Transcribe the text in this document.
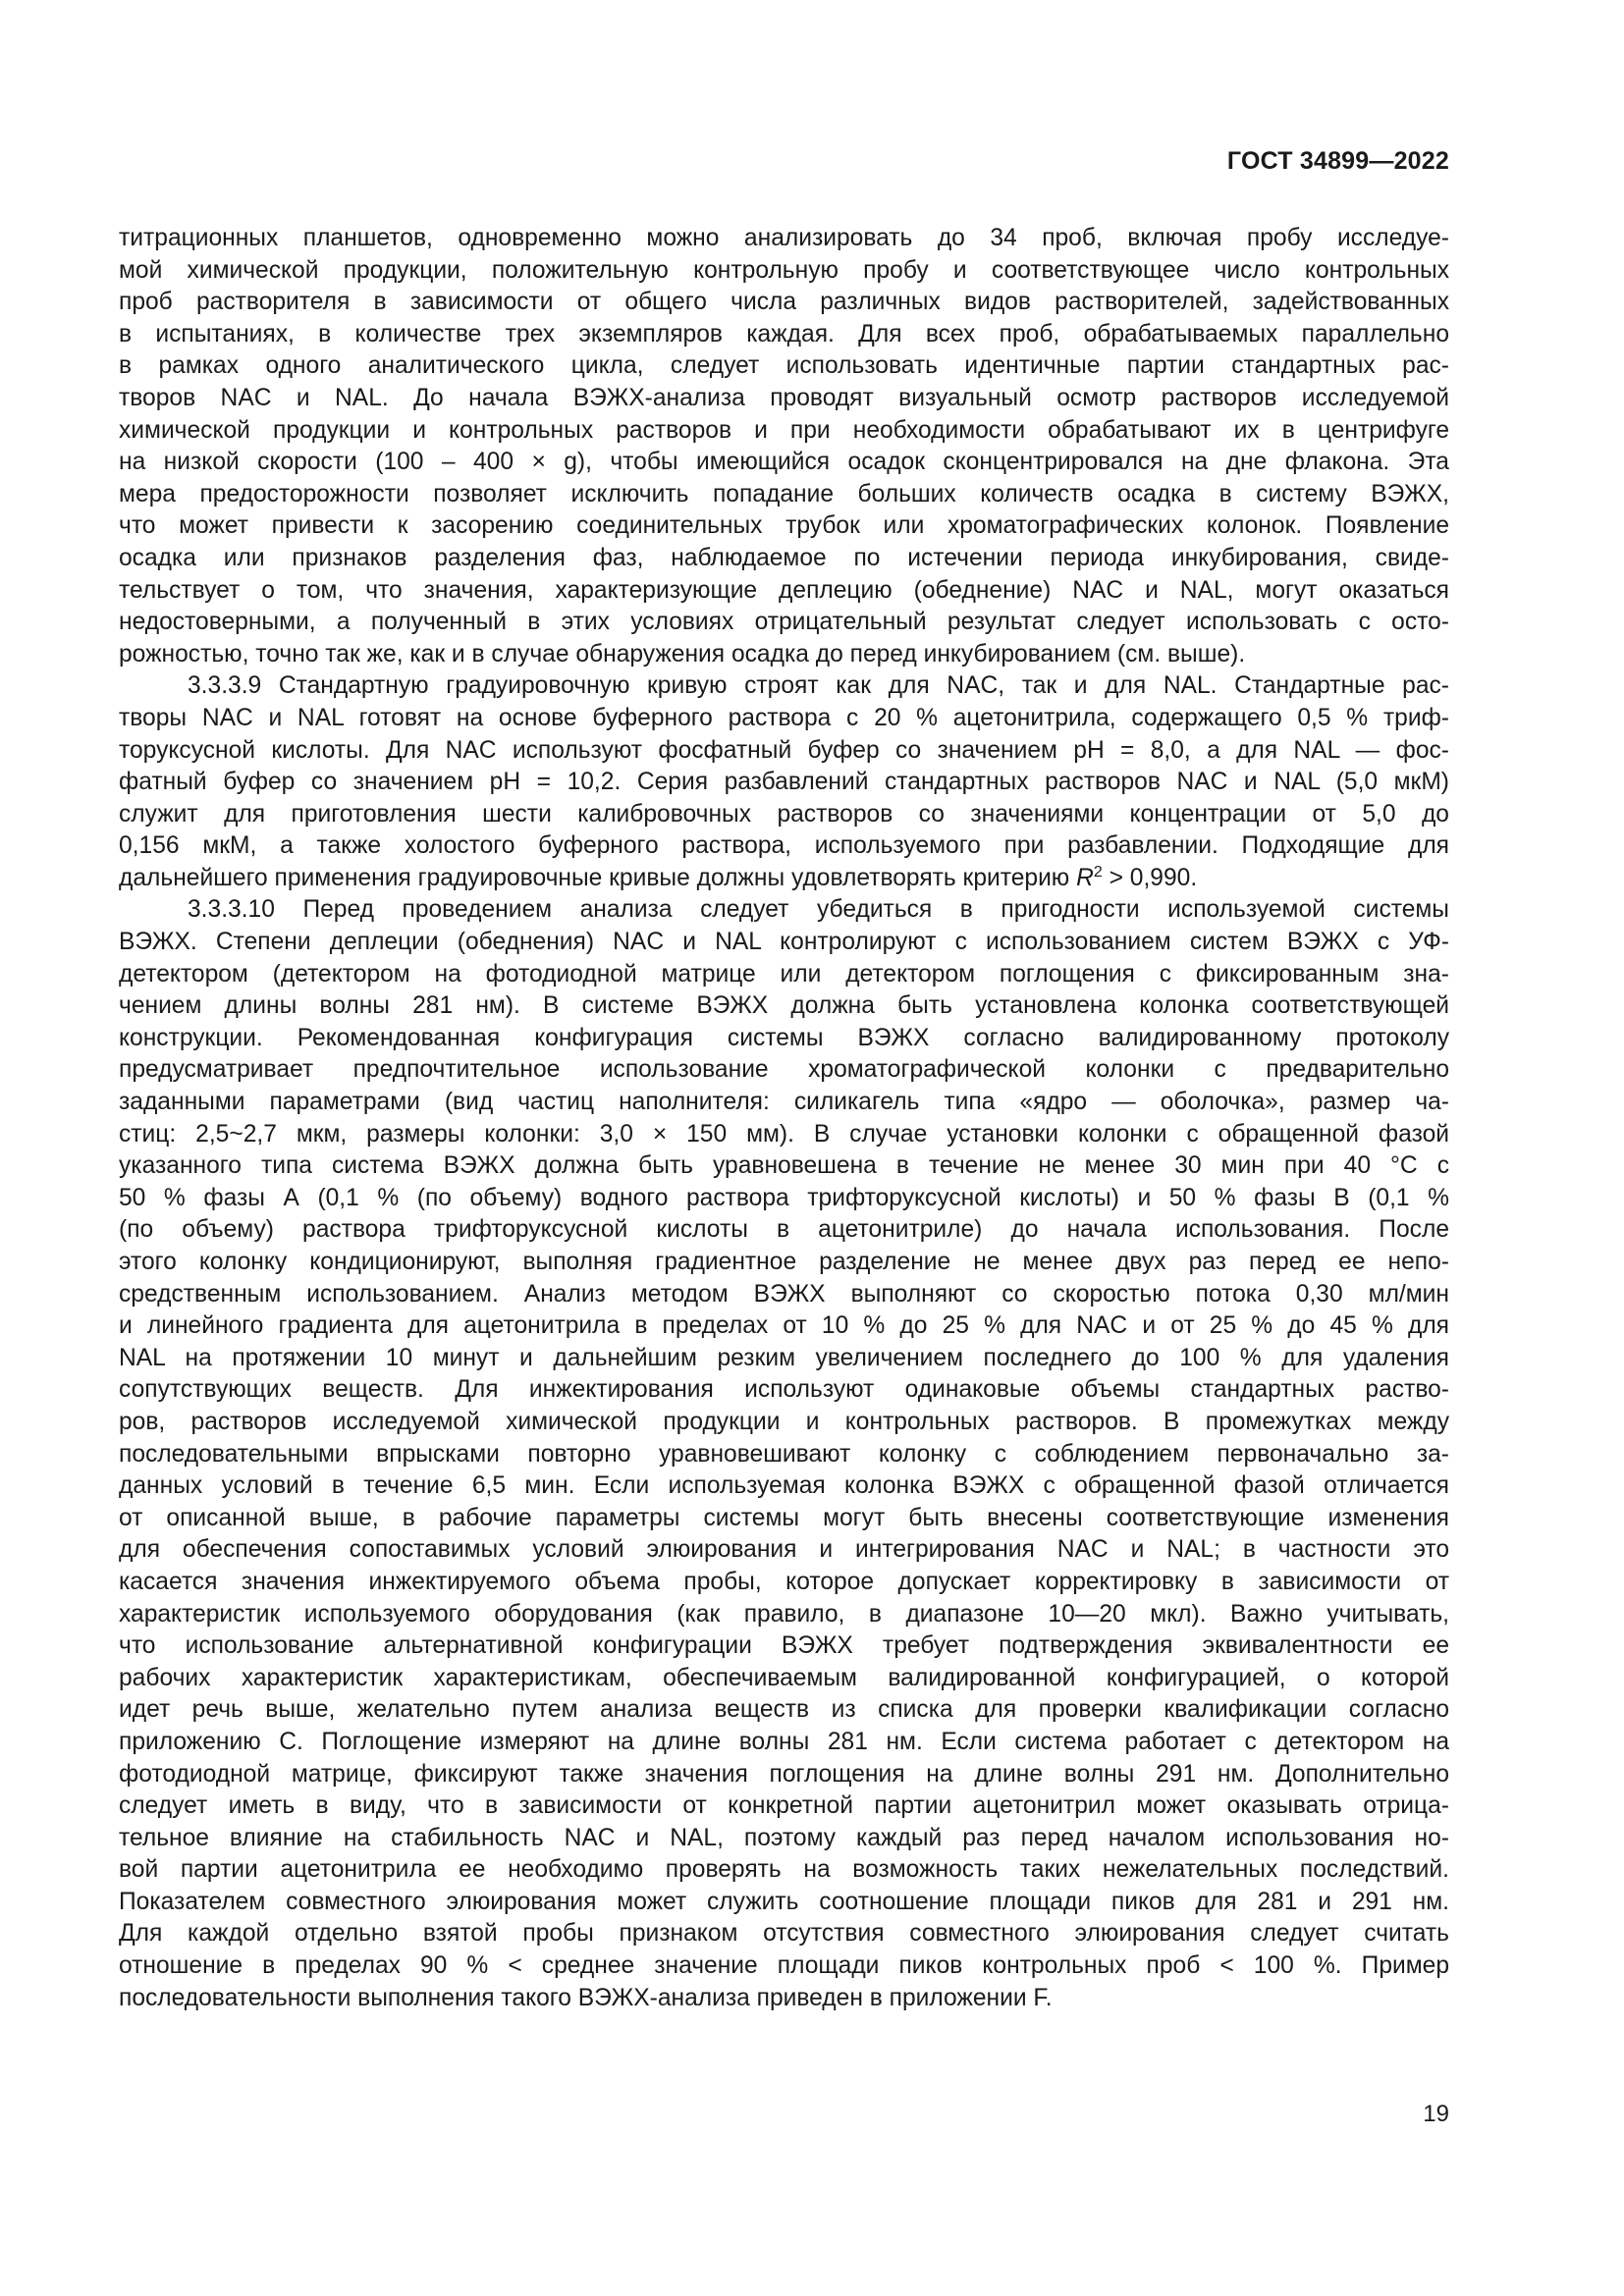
ГОСТ 34899—2022
титрационных планшетов, одновременно можно анализировать до 34 проб, включая пробу исследуе-
мой химической продукции, положительную контрольную пробу и соответствующее число контрольных
проб растворителя в зависимости от общего числа различных видов растворителей, задействованных
в испытаниях, в количестве трех экземпляров каждая. Для всех проб, обрабатываемых параллельно
в рамках одного аналитического цикла, следует использовать идентичные партии стандартных рас-
творов NAC и NAL. До начала ВЭЖХ-анализа проводят визуальный осмотр растворов исследуемой
химической продукции и контрольных растворов и при необходимости обрабатывают их в центрифуге
на низкой скорости (100 – 400 × g), чтобы имеющийся осадок сконцентрировался на дне флакона. Эта
мера предосторожности позволяет исключить попадание больших количеств осадка в систему ВЭЖХ,
что может привести к засорению соединительных трубок или хроматографических колонок. Появление
осадка или признаков разделения фаз, наблюдаемое по истечении периода инкубирования, свиде-
тельствует о том, что значения, характеризующие деплецию (обеднение) NAC и NAL, могут оказаться
недостоверными, а полученный в этих условиях отрицательный результат следует использовать с осто-
рожностью, точно так же, как и в случае обнаружения осадка до перед инкубированием (см. выше).
3.3.3.9 Стандартную градуировочную кривую строят как для NAC, так и для NAL. Стандартные рас-
творы NAC и NAL готовят на основе буферного раствора с 20 % ацетонитрила, содержащего 0,5 % триф-
торуксусной кислоты. Для NAC используют фосфатный буфер со значением pH = 8,0, а для NAL — фос-
фатный буфер со значением pH = 10,2. Серия разбавлений стандартных растворов NAC и NAL (5,0 мкМ)
служит для приготовления шести калибровочных растворов со значениями концентрации от 5,0 до
0,156 мкМ, а также холостого буферного раствора, используемого при разбавлении. Подходящие для
дальнейшего применения градуировочные кривые должны удовлетворять критерию $R^2 > 0,990$.
3.3.3.10 Перед проведением анализа следует убедиться в пригодности используемой системы
ВЭЖХ. Степени деплеции (обеднения) NAC и NAL контролируют с использованием систем ВЭЖХ с УФ-
детектором (детектором на фотодиодной матрице или детектором поглощения с фиксированным зна-
чением длины волны 281 нм). В системе ВЭЖХ должна быть установлена колонка соответствующей
конструкции. Рекомендованная конфигурация системы ВЭЖХ согласно валидированному протоколу
предусматривает предпочтительное использование хроматографической колонки с предварительно
заданными параметрами (вид частиц наполнителя: силикагель типа «ядро — оболочка», размер ча-
стиц: 2,5~2,7 мкм, размеры колонки: 3,0 × 150 мм). В случае установки колонки с обращенной фазой
указанного типа система ВЭЖХ должна быть уравновешена в течение не менее 30 мин при 40 °С с
50 % фазы А (0,1 % (по объему) водного раствора трифторуксусной кислоты) и 50 % фазы В (0,1 %
(по объему) раствора трифторуксусной кислоты в ацетонитриле) до начала использования. После
этого колонку кондиционируют, выполняя градиентное разделение не менее двух раз перед ее непо-
средственным использованием. Анализ методом ВЭЖХ выполняют со скоростью потока 0,30 мл/мин
и линейного градиента для ацетонитрила в пределах от 10 % до 25 % для NAC и от 25 % до 45 % для
NAL на протяжении 10 минут и дальнейшим резким увеличением последнего до 100 % для удаления
сопутствующих веществ. Для инжектирования используют одинаковые объемы стандартных раство-
ров, растворов исследуемой химической продукции и контрольных растворов. В промежутках между
последовательными впрысками повторно уравновешивают колонку с соблюдением первоначально за-
данных условий в течение 6,5 мин. Если используемая колонка ВЭЖХ с обращенной фазой отличается
от описанной выше, в рабочие параметры системы могут быть внесены соответствующие изменения
для обеспечения сопоставимых условий элюирования и интегрирования NAC и NAL; в частности это
касается значения инжектируемого объема пробы, которое допускает корректировку в зависимости от
характеристик используемого оборудования (как правило, в диапазоне 10—20 мкл). Важно учитывать,
что использование альтернативной конфигурации ВЭЖХ требует подтверждения эквивалентности ее
рабочих характеристик характеристикам, обеспечиваемым валидированной конфигурацией, о которой
идет речь выше, желательно путем анализа веществ из списка для проверки квалификации согласно
приложению С. Поглощение измеряют на длине волны 281 нм. Если система работает с детектором на
фотодиодной матрице, фиксируют также значения поглощения на длине волны 291 нм. Дополнительно
следует иметь в виду, что в зависимости от конкретной партии ацетонитрил может оказывать отрица-
тельное влияние на стабильность NAC и NAL, поэтому каждый раз перед началом использования но-
вой партии ацетонитрила ее необходимо проверять на возможность таких нежелательных последствий.
Показателем совместного элюирования может служить соотношение площади пиков для 281 и 291 нм.
Для каждой отдельно взятой пробы признаком отсутствия совместного элюирования следует считать
отношение в пределах 90 % < среднее значение площади пиков контрольных проб < 100 %. Пример
последовательности выполнения такого ВЭЖХ-анализа приведен в приложении F.
19
